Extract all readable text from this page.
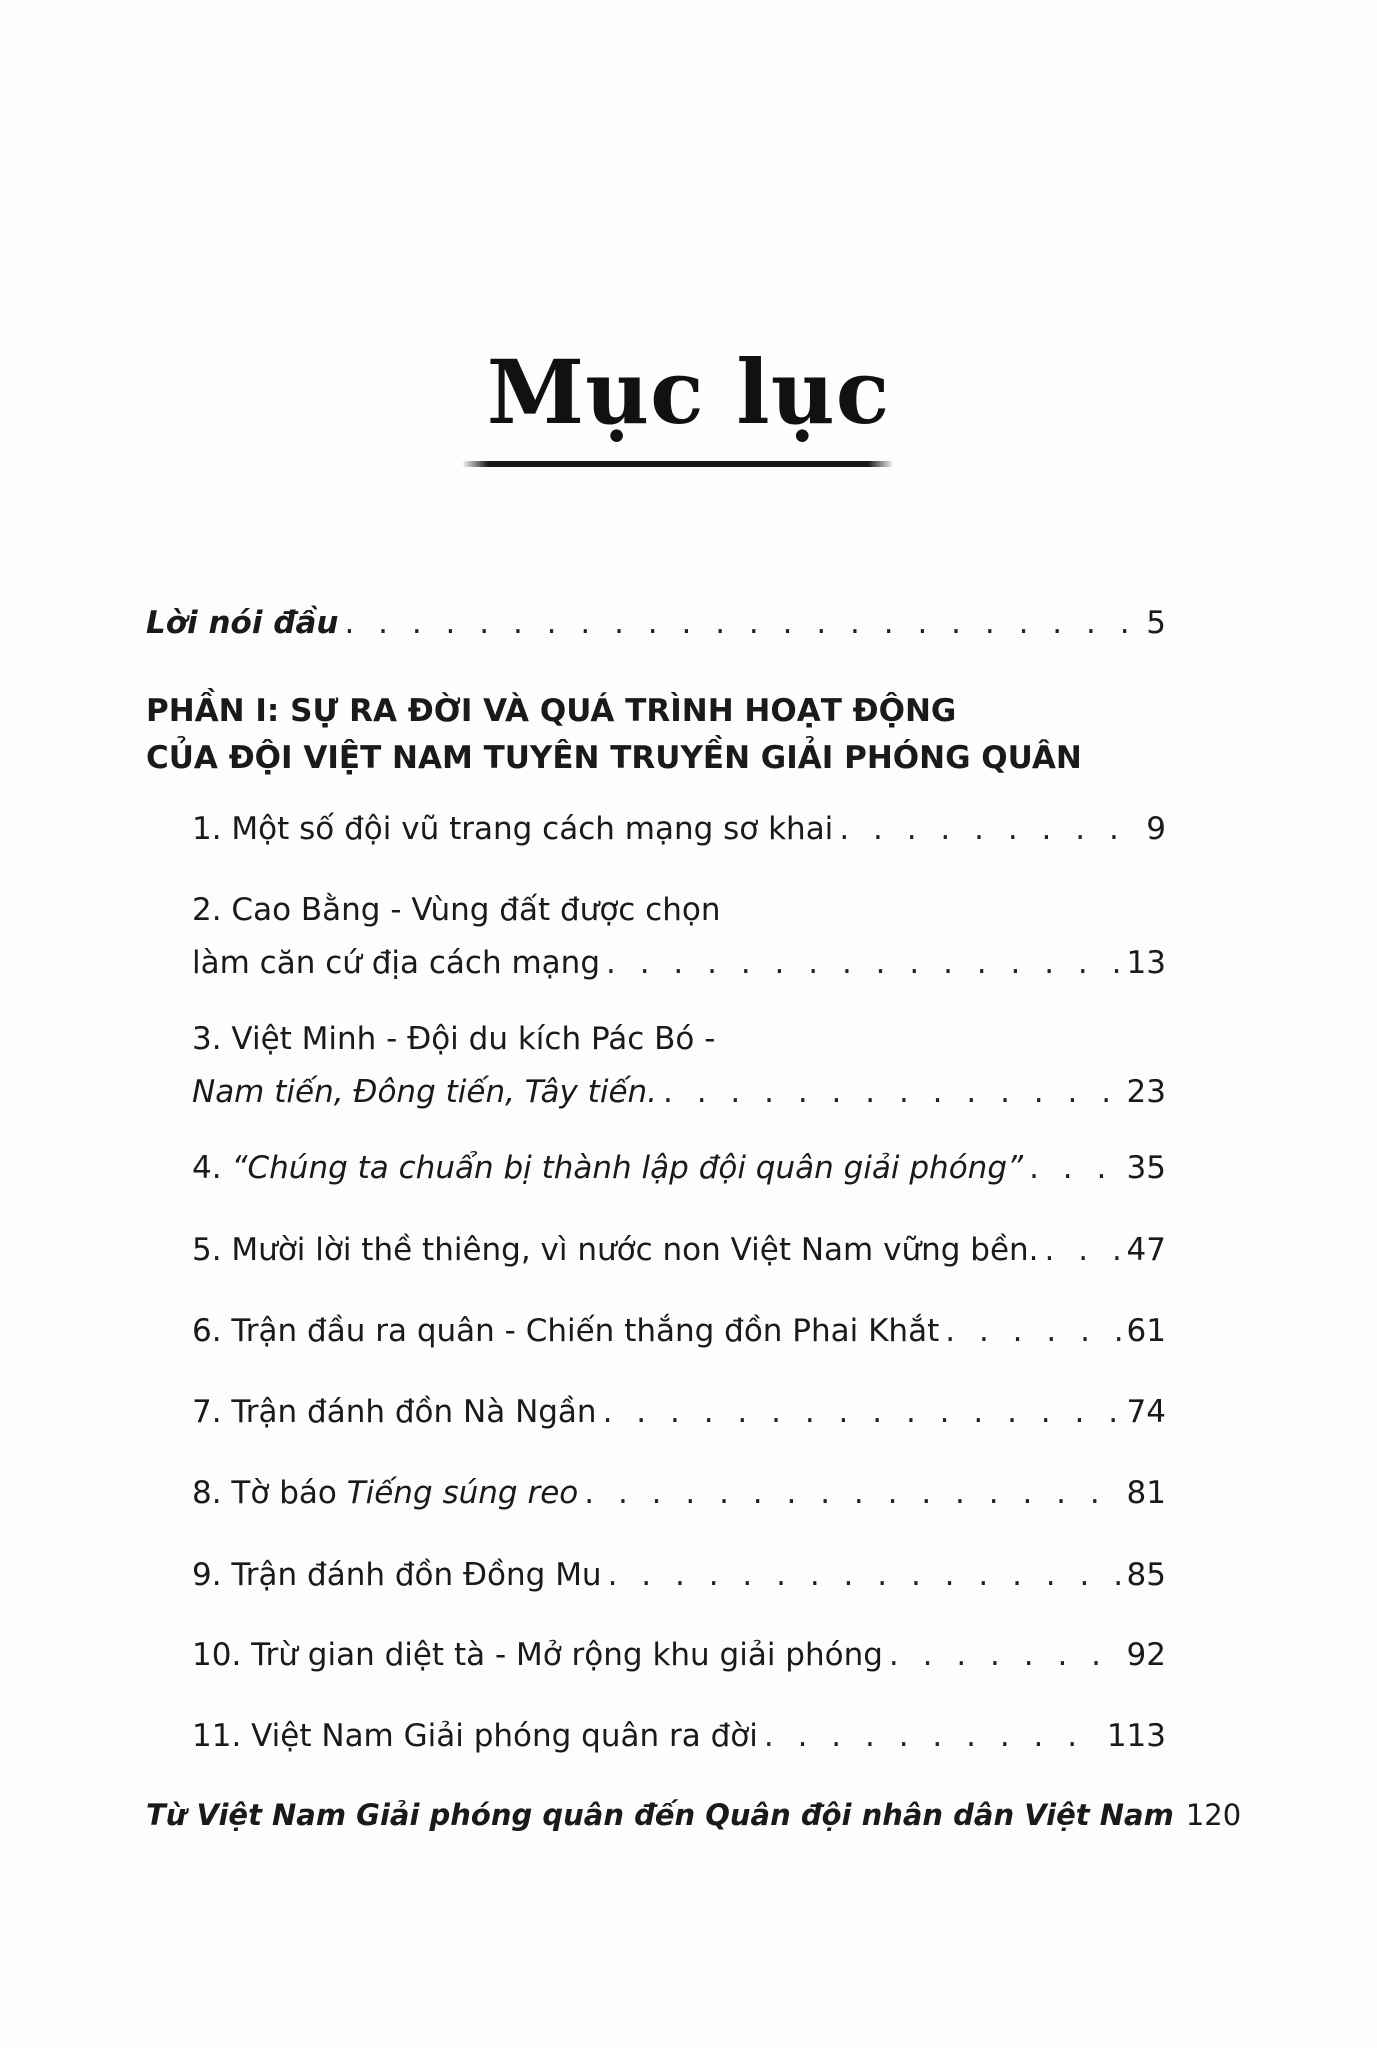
Mục lục
Lời nói đầu . . .	5
PHẦN I: SỰ RA ĐỜI VÀ QUÁ TRÌNH HOẠT ĐỘNG
CỦA ĐỘI VIỆT NAM TUYÊN TRUYỀN GIẢI PHÓNG QUÂN
1. Một số đội vũ trang cách mạng sơ khai . . .	9
2. Cao Bằng - Vùng đất được chọn
làm căn cứ địa cách mạng . . .	13
3. Việt Minh - Đội du kích Pác Bó -
Nam tiến, Đông tiến, Tây tiến. . . .	23
4. “Chúng ta chuẩn bị thành lập đội quân giải phóng” . . .	35
5. Mười lời thề thiêng, vì nước non Việt Nam vững bền. . . .	47
6. Trận đầu ra quân - Chiến thắng đồn Phai Khắt . . .	61
7. Trận đánh đồn Nà Ngần . . .	74
8. Tờ báo Tiếng súng reo . . .	81
9. Trận đánh đồn Đồng Mu . . .	85
10. Trừ gian diệt tà - Mở rộng khu giải phóng . . .	92
11. Việt Nam Giải phóng quân ra đời . . .	113
Từ Việt Nam Giải phóng quân đến Quân đội nhân dân Việt Nam 120
